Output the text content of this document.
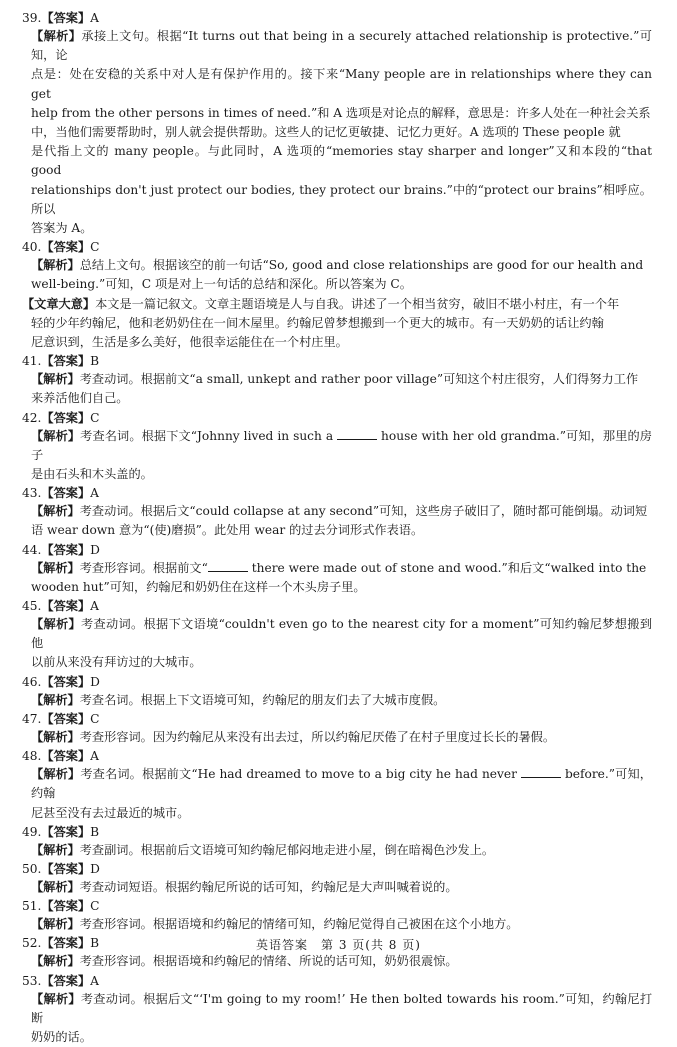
39.【答案】A
【解析】承接上文句。根据“It turns out that being in a securely attached relationship is protective.”可知，论
点是：处在安稳的关系中对人是有保护作用的。接下来“Many people are in relationships where they can get
help from the other persons in times of need.”和 A 选项是对论点的解释，意思是：许多人处在一种社会关系
中，当他们需要帮助时，别人就会提供帮助。这些人的记忆更敏捷、记忆力更好。A 选项的 These people 就
是代指上文的 many people。与此同时，A 选项的“memories stay sharper and longer”又和本段的“that good
relationships don't just protect our bodies, they protect our brains.”中的“protect our brains”相呼应。所以
答案为 A。
40.【答案】C
【解析】总结上文句。根据该空的前一句话“So, good and close relationships are good for our health and
well-being.”可知，C 项是对上一句话的总结和深化。所以答案为 C。
【文章大意】本文是一篇记叙文。文章主题语境是人与自我。讲述了一个相当贫穷，破旧不堪小村庄，有一个年
轻的少年约翰尼，他和老奶奶住在一间木屋里。约翰尼曾梦想搬到一个更大的城市。有一天奶奶的话让约翰
尼意识到，生活是多么美好，他很幸运能住在一个村庄里。
41.【答案】B
【解析】考查动词。根据前文“a small, unkept and rather poor village”可知这个村庄很穷，人们得努力工作
来养活他们自己。
42.【答案】C
【解析】考查名词。根据下文“Johnny lived in such a	house with her old grandma.”可知，那里的房子
是由石头和木头盖的。
43.【答案】A
【解析】考查动词。根据后文“could collapse at any second”可知，这些房子破旧了，随时都可能倒塌。动词短
语 wear down 意为“(使)磨损”。此处用 wear 的过去分词形式作表语。
44.【答案】D
【解析】考查形容词。根据前文“	there were made out of stone and wood.”和后文“walked into the
wooden hut”可知，约翰尼和奶奶住在这样一个木头房子里。
45.【答案】A
【解析】考查动词。根据下文语境“couldn't even go to the nearest city for a moment”可知约翰尼梦想搬到他
以前从来没有拜访过的大城市。
46.【答案】D
【解析】考查名词。根据上下文语境可知，约翰尼的朋友们去了大城市度假。
47.【答案】C
【解析】考查形容词。因为约翰尼从来没有出去过，所以约翰尼厌倦了在村子里度过长长的暑假。
48.【答案】A
【解析】考查名词。根据前文“He had dreamed to move to a big city he had never	before.”可知，约翰
尼甚至没有去过最近的城市。
49.【答案】B
【解析】考查副词。根据前后文语境可知约翰尼郁闷地走进小屋，倒在暗褐色沙发上。
50.【答案】D
【解析】考查动词短语。根据约翰尼所说的话可知，约翰尼是大声叫喊着说的。
51.【答案】C
【解析】考查形容词。根据语境和约翰尼的情绪可知，约翰尼觉得自己被困在这个小地方。
52.【答案】B
【解析】考查形容词。根据语境和约翰尼的情绪、所说的话可知，奶奶很震惊。
53.【答案】A
【解析】考查动词。根据后文“‘I'm going to my room!’ He then bolted towards his room.”可知，约翰尼打断
奶奶的话。
英语答案　第 3 页(共 8 页)
